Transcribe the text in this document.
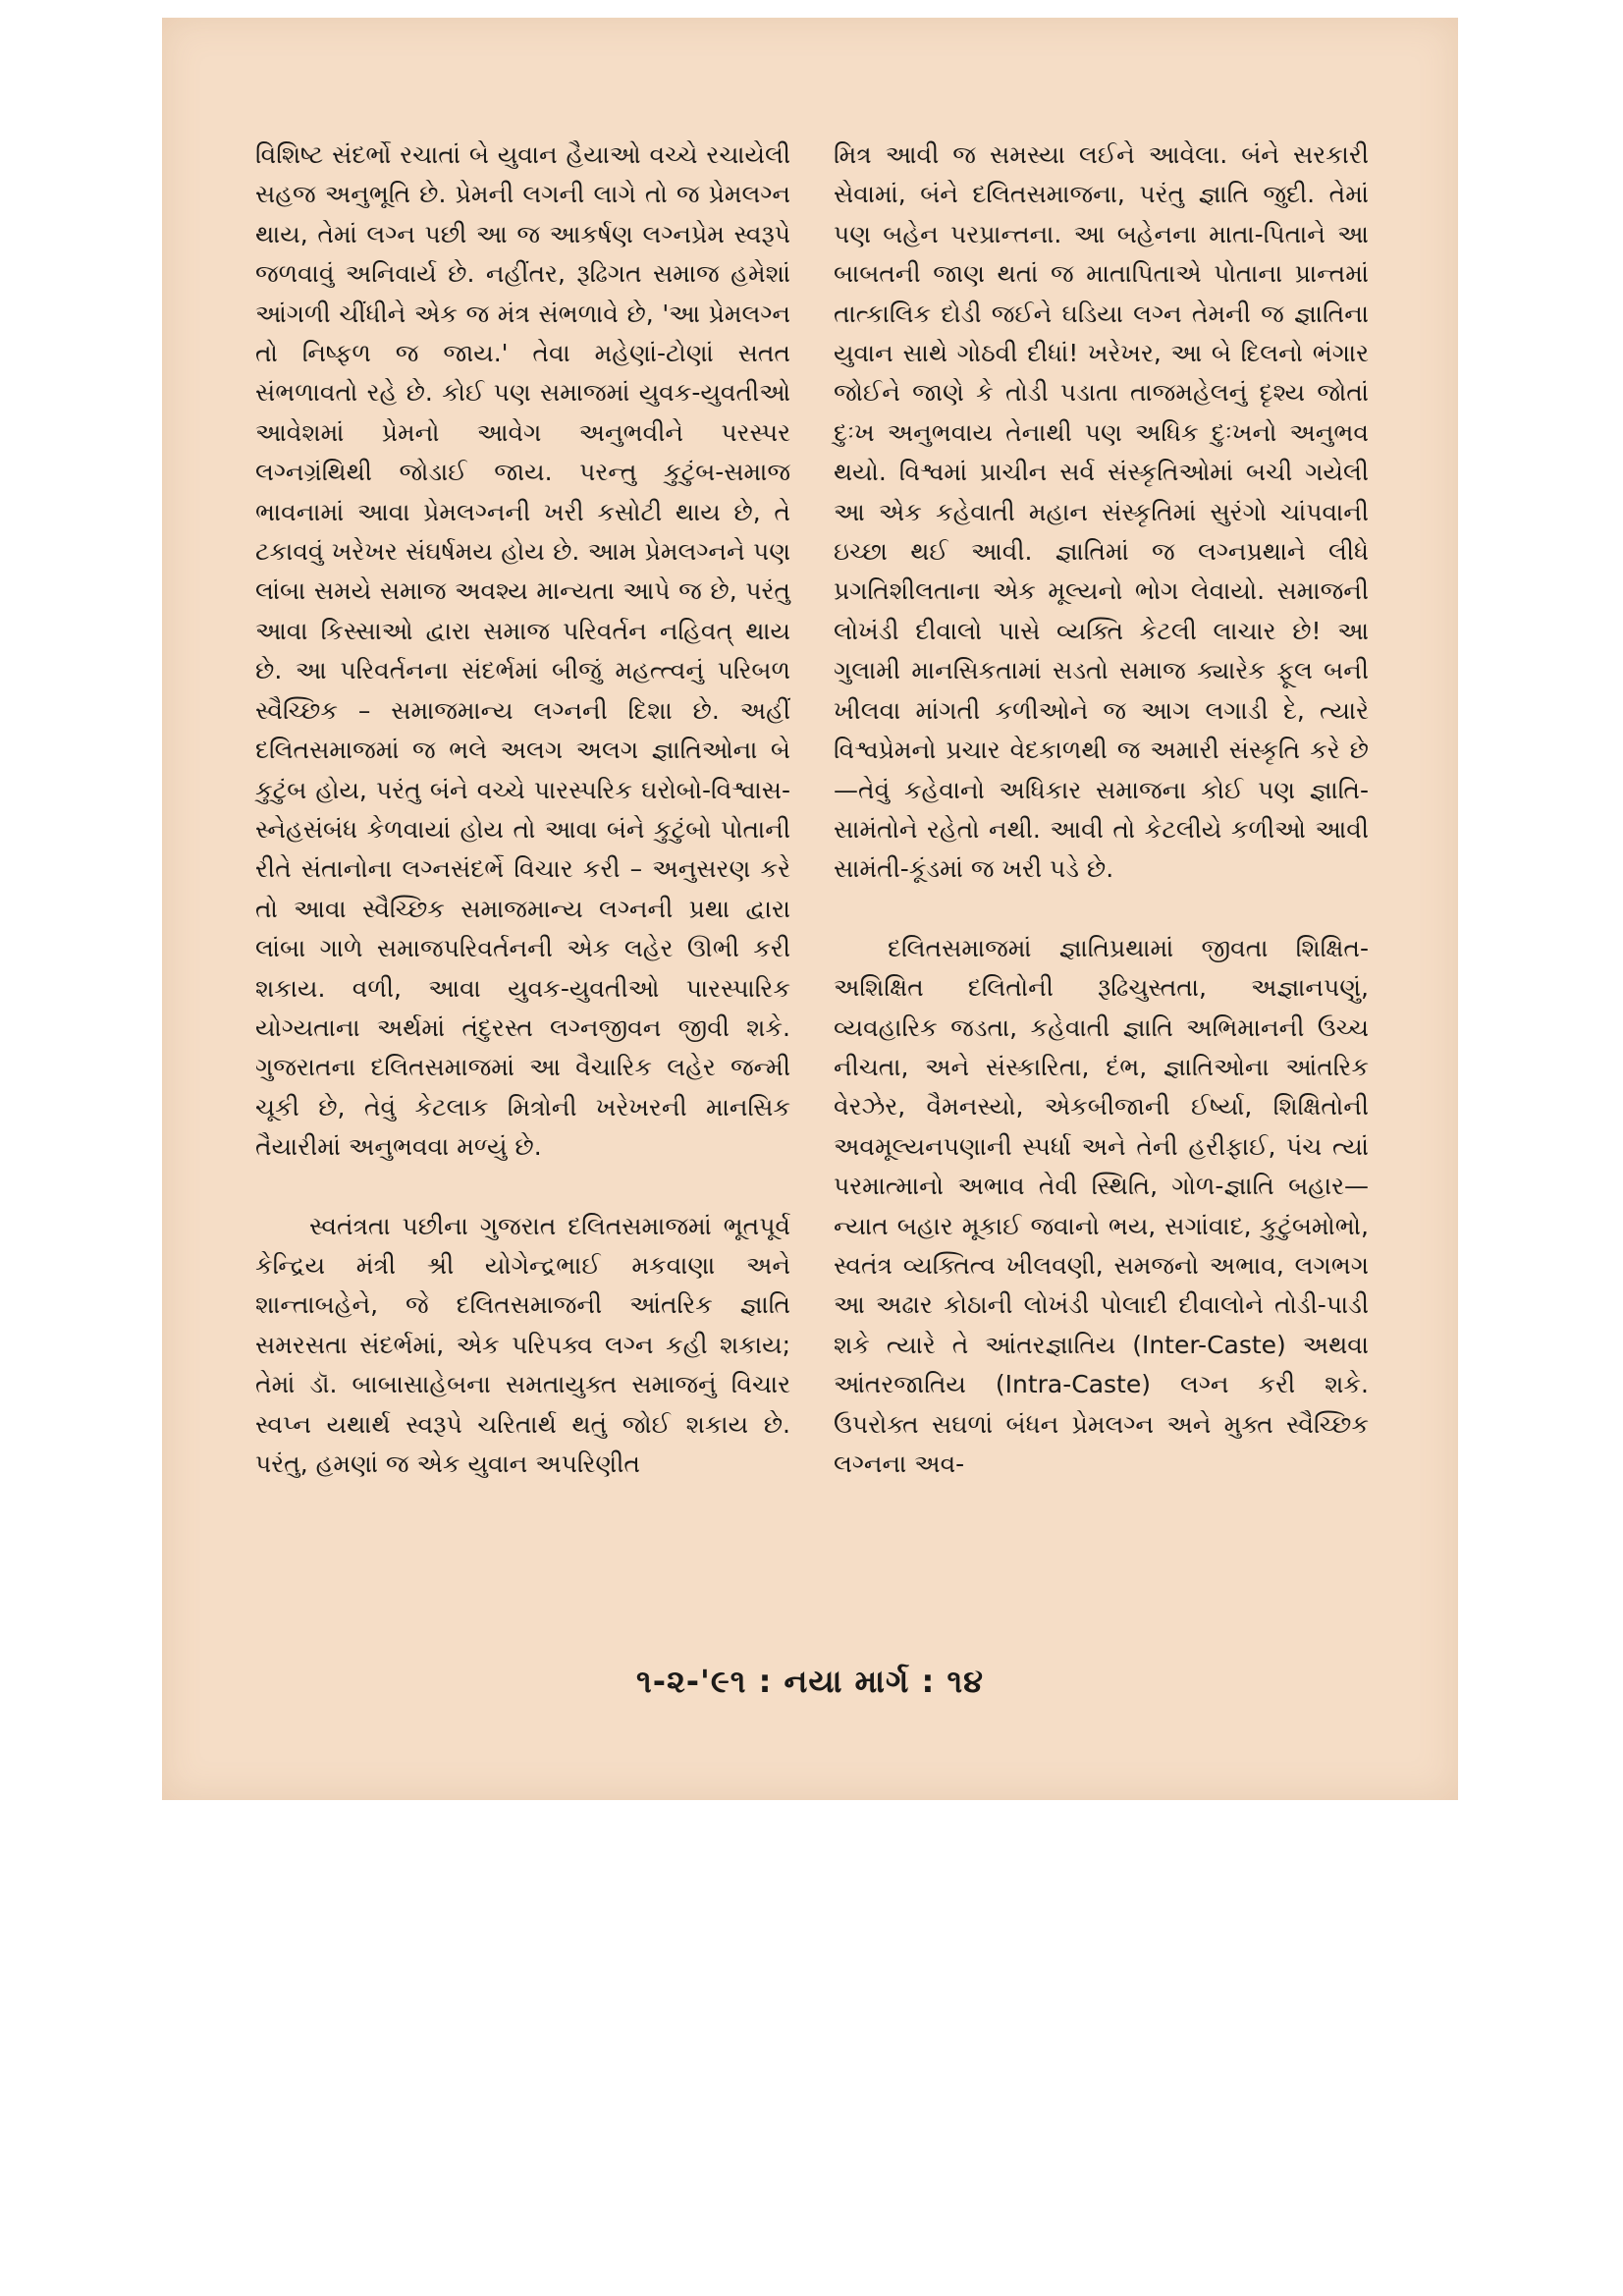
વિશિષ્ટ સંદર્ભો રચાતાં બે યુવાન હૈયાઓ વચ્ચે રચાયેલી સહજ અનુભૂતિ છે. પ્રેમની લગની લાગે તો જ પ્રેમલગ્ન થાય, તેમાં લગ્ન પછી આ જ આકર્ષણ લગ્નપ્રેમ સ્વરૂપે જળવાવું અનિવાર્ય છે. નહીંતર, રૂઢિગત સમાજ હમેશાં આંગળી ચીંધીને એક જ મંત્ર સંભળાવે છે, 'આ પ્રેમલગ્ન તો નિષ્ફળ જ જાય.' તેવા મહેણાં-ટોણાં સતત સંભળાવતો રહે છે. કોઈ પણ સમાજમાં યુવક-યુવતીઓ આવેશમાં પ્રેમનો આવેગ અનુભવીને પરસ્પર લગ્નગ્રંથિથી જોડાઈ જાય. પરન્તુ કુટુંબ-સમાજ ભાવનામાં આવા પ્રેમલગ્નની ખરી કસોટી થાય છે, તે ટકાવવું ખરેખર સંઘર્ષમય હોય છે. આમ પ્રેમલગ્નને પણ લાંબા સમયે સમાજ અવશ્ય માન્યતા આપે જ છે, પરંતુ આવા કિસ્સાઓ દ્વારા સમાજ પરિવર્તન નહિવત્ થાય છે. આ પરિવર્તનના સંદર્ભમાં બીજું મહત્ત્વનું પરિબળ સ્વૈચ્છિક – સમાજમાન્ય લગ્નની દિશા છે. અહીં દલિતસમાજમાં જ ભલે અલગ અલગ જ્ઞાતિઓના બે કુટુંબ હોય, પરંતુ બંને વચ્ચે પારસ્પરિક ઘરોબો-વિશ્વાસ-સ્નેહસંબંધ કેળવાયાં હોય તો આવા બંને કુટુંબો પોતાની રીતે સંતાનોના લગ્નસંદર્ભે વિચાર કરી – અનુસરણ કરે તો આવા સ્વૈચ્છિક સમાજમાન્ય લગ્નની પ્રથા દ્વારા લાંબા ગાળે સમાજપરિવર્તનની એક લહેર ઊભી કરી શકાય. વળી, આવા યુવક-યુવતીઓ પારસ્પારિક યોગ્યતાના અર્થમાં તંદુરસ્ત લગ્નજીવન જીવી શકે. ગુજરાતના દલિતસમાજમાં આ વૈચારિક લહેર જન્મી ચૂકી છે, તેવું કેટલાક મિત્રોની ખરેખરની માનસિક તૈયારીમાં અનુભવવા મળ્યું છે.

સ્વતંત્રતા પછીના ગુજરાત દલિતસમાજમાં ભૂતપૂર્વ કેન્દ્રિય મંત્રી શ્રી યોગેન્દ્રભાઈ મકવાણા અને શાન્તાબહેને, જે દલિતસમાજની આંતરિક જ્ઞાતિ સમરસતા સંદર્ભમાં, એક પરિપક્વ લગ્ન કહી શકાય; તેમાં ડૉ. બાબાસાહેબના સમતાયુક્ત સમાજનું વિચાર સ્વપ્ન યથાર્થ સ્વરૂપે ચરિતાર્થ થતું જોઈ શકાય છે. પરંતુ, હમણાં જ એક યુવાન અપરિણીત

મિત્ર આવી જ સમસ્યા લઈને આવેલા. બંને સરકારી સેવામાં, બંને દલિતસમાજના, પરંતુ જ્ઞાતિ જુદી. તેમાં પણ બહેન પરપ્રાન્તના. આ બહેનના માતા-પિતાને આ બાબતની જાણ થતાં જ માતાપિતાએ પોતાના પ્રાન્તમાં તાત્કાલિક દોડી જઈને ઘડિયા લગ્ન તેમની જ જ્ઞાતિના યુવાન સાથે ગોઠવી દીધાં! ખરેખર, આ બે દિલનો ભંગાર જોઈને જાણે કે તોડી પડાતા તાજમહેલનું દૃશ્ય જોતાં દુઃખ અનુભવાય તેનાથી પણ અધિક દુઃખનો અનુભવ થયો. વિશ્વમાં પ્રાચીન સર્વ સંસ્કૃતિઓમાં બચી ગયેલી આ એક કહેવાતી મહાન સંસ્કૃતિમાં સુરંગો ચાંપવાની ઇચ્છા થઈ આવી. જ્ઞાતિમાં જ લગ્નપ્રથાને લીધે પ્રગતિશીલતાના એક મૂલ્યનો ભોગ લેવાયો. સમાજની લોખંડી દીવાલો પાસે વ્યક્તિ કેટલી લાચાર છે! આ ગુલામી માનસિકતામાં સડતો સમાજ ક્યારેક ફૂલ બની ખીલવા માંગતી કળીઓને જ આગ લગાડી દે, ત્યારે વિશ્વપ્રેમનો પ્રચાર વેદકાળથી જ અમારી સંસ્કૃતિ કરે છે—તેવું કહેવાનો અધિકાર સમાજના કોઈ પણ જ્ઞાતિ-સામંતોને રહેતો નથી. આવી તો કેટલીયે કળીઓ આવી સામંતી-કૂંડમાં જ ખરી પડે છે.

દલિતસમાજમાં જ્ઞાતિપ્રથામાં જીવતા શિક્ષિત-અશિક્ષિત દલિતોની રૂઢિચુસ્તતા, અજ્ઞાનપણું, વ્યવહારિક જડતા, કહેવાતી જ્ઞાતિ અભિમાનની ઉચ્ચ નીચતા, અને સંસ્કારિતા, દંભ, જ્ઞાતિઓના આંતરિક વેરઝેર, વૈમનસ્યો, એકબીજાની ઈર્ષ્યા, શિક્ષિતોની અવમૂલ્યનપણાની સ્પર્ધા અને તેની હરીફાઈ, પંચ ત્યાં પરમાત્માનો અભાવ તેવી સ્થિતિ, ગોળ-જ્ઞાતિ બહાર—ન્યાત બહાર મૂકાઈ જવાનો ભય, સગાંવાદ, કુટુંબમોભો, સ્વતંત્ર વ્યક્તિત્વ ખીલવણી, સમજનો અભાવ, લગભગ આ અઢાર કોઠાની લોખંડી પોલાદી દીવાલોને તોડી-પાડી શકે ત્યારે તે આંતરજ્ઞાતિય (Inter-Caste) અથવા આંતરજાતિય (Intra-Caste) લગ્ન કરી શકે. ઉપરોક્ત સઘળાં બંધન પ્રેમલગ્ન અને મુક્ત સ્વૈચ્છિક લગ્નના અવ-

૧-૨-'૯૧ : નયા માર્ગ : ૧૪
